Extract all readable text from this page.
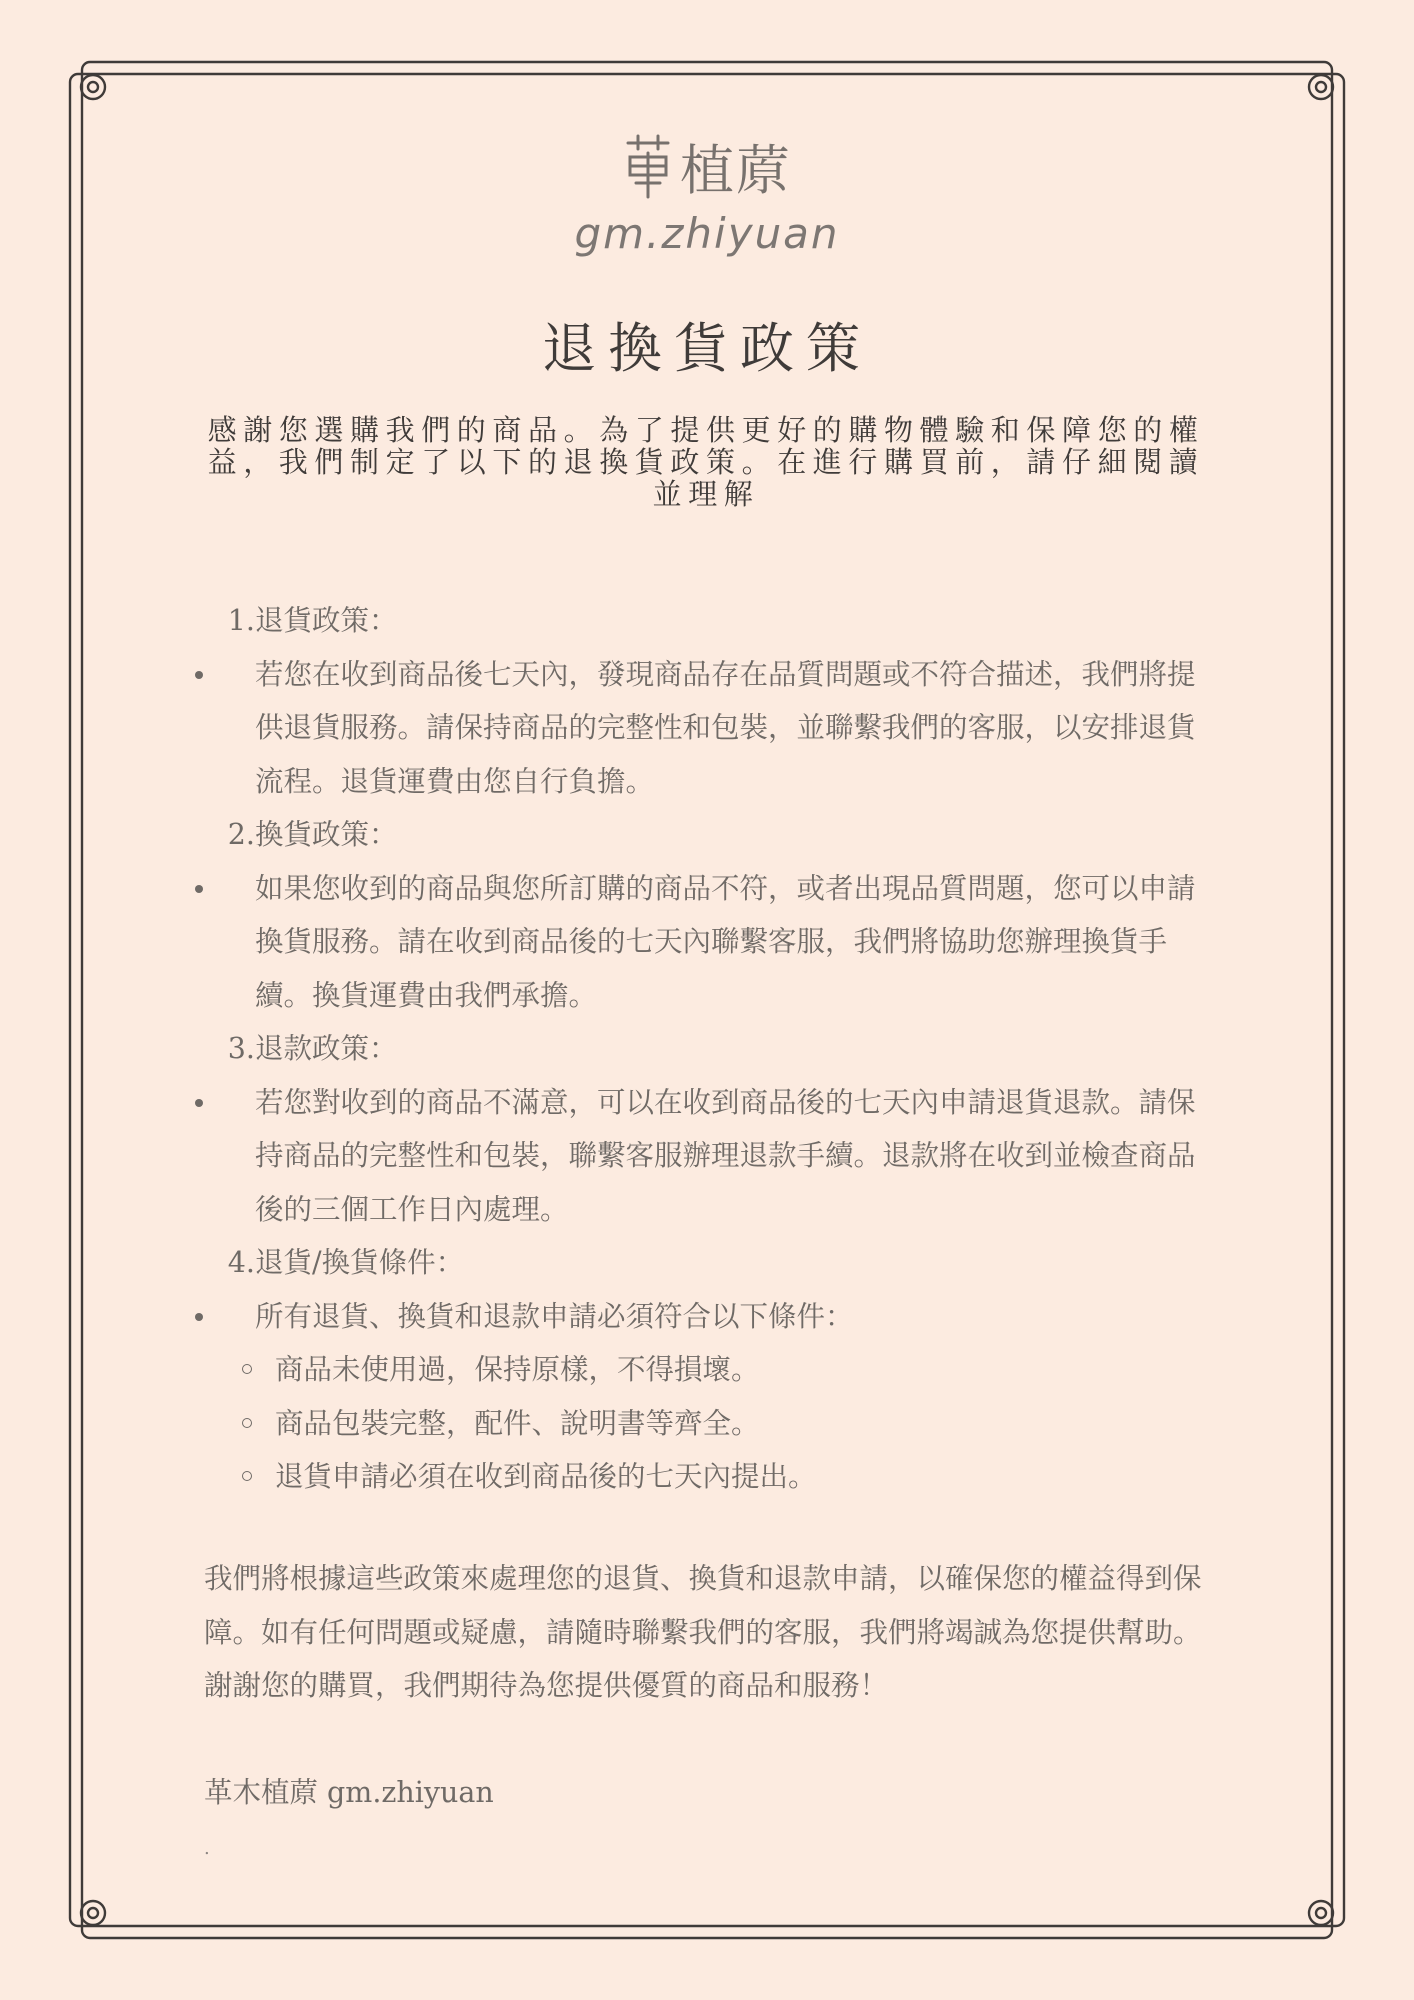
植蒝
gm.zhiyuan
退換貨政策
感謝您選購我們的商品。為了提供更好的購物體驗和保障您的權益，我們制定了以下的退換貨政策。在進行購買前，請仔細閱讀並理解
1.退貨政策：
若您在收到商品後七天內，發現商品存在品質問題或不符合描述，我們將提供退貨服務。請保持商品的完整性和包裝，並聯繫我們的客服，以安排退貨流程。退貨運費由您自行負擔。
2.換貨政策：
如果您收到的商品與您所訂購的商品不符，或者出現品質問題，您可以申請換貨服務。請在收到商品後的七天內聯繫客服，我們將協助您辦理換貨手續。換貨運費由我們承擔。
3.退款政策：
若您對收到的商品不滿意，可以在收到商品後的七天內申請退貨退款。請保持商品的完整性和包裝，聯繫客服辦理退款手續。退款將在收到並檢查商品後的三個工作日內處理。
4.退貨/換貨條件：
所有退貨、換貨和退款申請必須符合以下條件：
商品未使用過，保持原樣，不得損壞。
商品包裝完整，配件、說明書等齊全。
退貨申請必須在收到商品後的七天內提出。
我們將根據這些政策來處理您的退貨、換貨和退款申請，以確保您的權益得到保障。如有任何問題或疑慮，請隨時聯繫我們的客服，我們將竭誠為您提供幫助。謝謝您的購買，我們期待為您提供優質的商品和服務！
革木植蒝 gm.zhiyuan
.
